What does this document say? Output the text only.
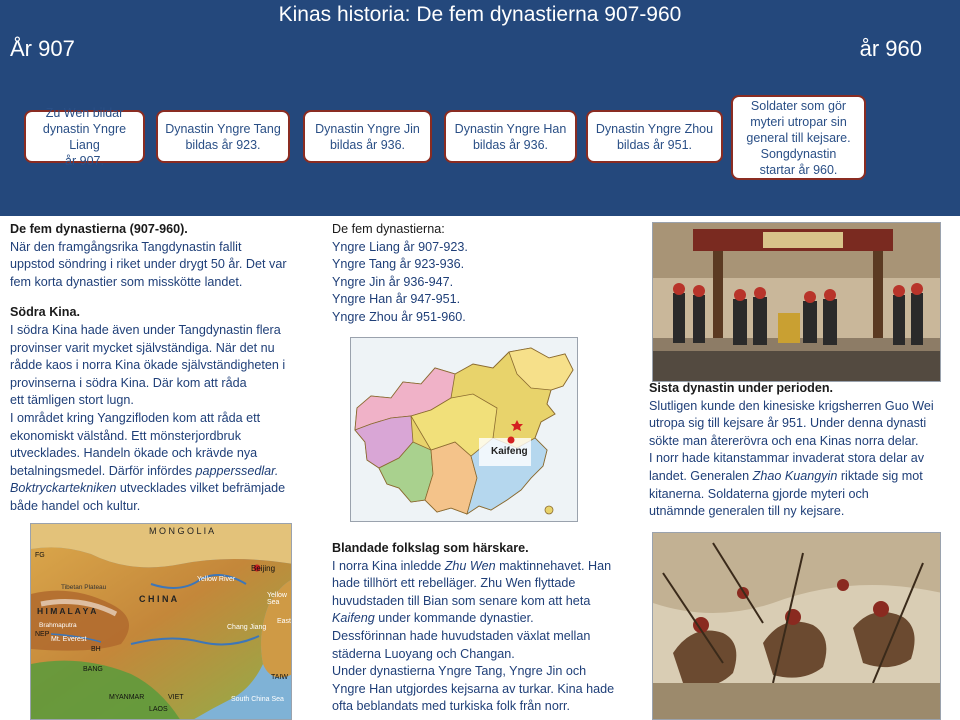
Kinas historia: De fem dynastierna 907-960
År 907	år 960
Zu Wen bildar
dynastin Yngre Liang
år 907.
Dynastin Yngre Tang
bildas år 923.
Dynastin Yngre Jin
bildas år 936.
Dynastin Yngre Han
bildas år 936.
Dynastin Yngre Zhou
bildas år 951.
Soldater som gör
myteri utropar sin
general till kejsare.
Songdynastin
startar år 960.

De fem dynastierna (907-960).

När den framgångsrika Tangdynastin fallit

uppstod söndring i riket under drygt 50 år. Det var

fem korta dynastier som misskötte landet.

Södra Kina.

I södra Kina hade även under Tangdynastin flera

provinser varit mycket självständiga. När det nu

rådde kaos i norra Kina ökade självständigheten i

provinserna i södra Kina. Där kom att råda

ett tämligen stort lugn.

I området kring Yangzifloden kom att råda ett

ekonomiskt välstånd. Ett mönsterjordbruk

utvecklades. Handeln ökade och krävde nya

betalningsmedel. Därför infördes papperssedlar.

Boktryckartekniken utvecklades vilket befrämjade

både handel och kultur.

M O N G O L I A
C H I N A
H I M A L A Y A
Beijing
Mt. Everest
NEP
BH
BANG
MYANMAR	VIET
LAOS
Yellow River
Yellow Sea
Chang Jiang
Brahmaputra
South China Sea
East
TAIW
Tibetan Plateau
FG

De fem dynastierna:

Yngre Liang år 907-923.

Yngre Tang år 923-936.

Yngre Jin år 936-947.

Yngre Han år 947-951.

Yngre Zhou år 951-960.

Kaifeng

Blandade folkslag som härskare.

I norra Kina inledde Zhu Wen maktinnehavet. Han

hade tillhört ett rebelläger. Zhu Wen flyttade

huvudstaden till Bian som senare kom att heta

Kaifeng under kommande dynastier.

Dessförinnan hade huvudstaden växlat mellan

städerna Luoyang och Changan.

Under dynastierna Yngre Tang, Yngre Jin och

Yngre Han utgjordes kejsarna av turkar. Kina hade

ofta beblandats med turkiska folk från norr.

Sista dynastin under perioden.

Slutligen kunde den kinesiske krigsherren Guo Wei

utropa sig till kejsare år 951. Under denna dynasti

sökte man återerövra och ena Kinas norra delar.

I norr hade kitanstammar invaderat stora delar av

landet. Generalen Zhao Kuangyin riktade sig mot

kitanerna. Soldaterna gjorde myteri och

utnämnde generalen till ny kejsare.
